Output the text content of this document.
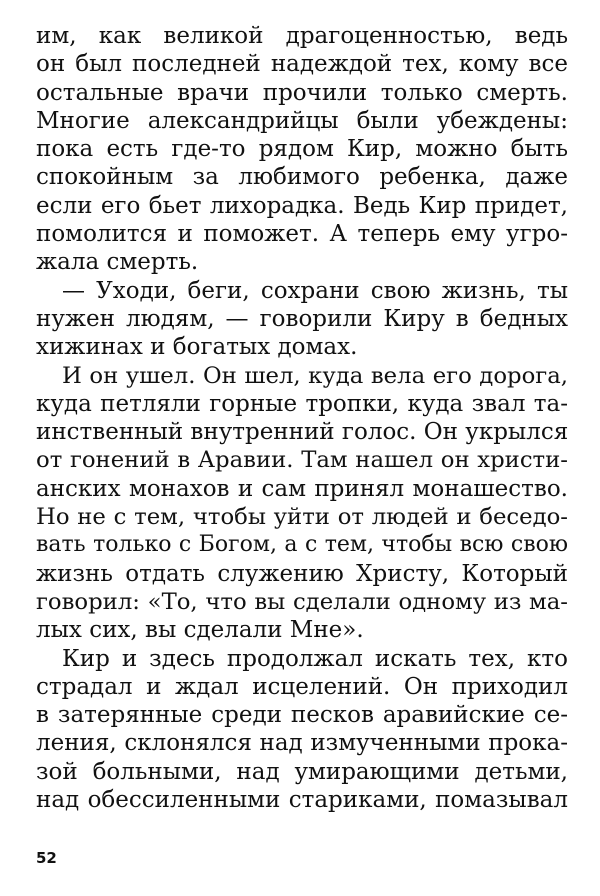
им, как великой драгоценностью, ведь
он был последней надеждой тех, кому все
остальные врачи прочили только смерть.
Многие александрийцы были убеждены:
пока есть где-то рядом Кир, можно быть
спокойным за любимого ребенка, даже
если его бьет лихорадка. Ведь Кир придет,
помолится и поможет. А теперь ему угро-
жала смерть.
— Уходи, беги, сохрани свою жизнь, ты
нужен людям, — говорили Киру в бедных
хижинах и богатых домах.
И он ушел. Он шел, куда вела его дорога,
куда петляли горные тропки, куда звал та-
инственный внутренний голос. Он укрылся
от гонений в Аравии. Там нашел он христи-
анских монахов и сам принял монашество.
Но не с тем, чтобы уйти от людей и беседо-
вать только с Богом, а с тем, чтобы всю свою
жизнь отдать служению Христу, Который
говорил: «То, что вы сделали одному из ма-
лых сих, вы сделали Мне».
Кир и здесь продолжал искать тех, кто
страдал и ждал исцелений. Он приходил
в затерянные среди песков аравийские се-
ления, склонялся над измученными прока-
зой больными, над умирающими детьми,
над обессиленными стариками, помазывал
52
